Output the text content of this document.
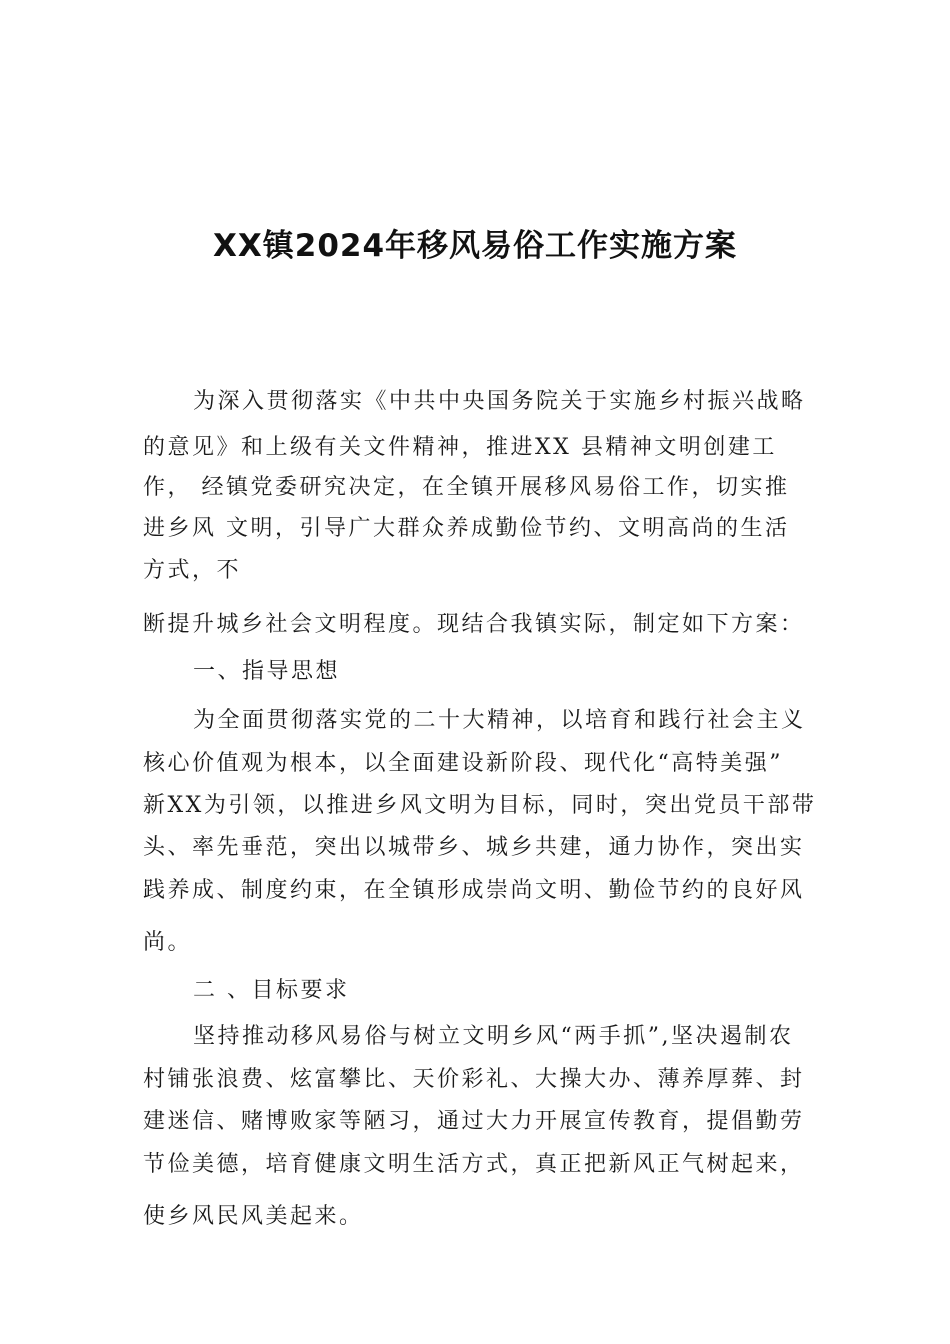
XX镇2024年移风易俗工作实施方案
为深入贯彻落实《中共中央国务院关于实施乡村振兴战略
的意见》和上级有关文件精神，推进XX 县精神文明创建工
作， 经镇党委研究决定，在全镇开展移风易俗工作，切实推
进乡风 文明，引导广大群众养成勤俭节约、文明高尚的生活
方式，不
断提升城乡社会文明程度。现结合我镇实际，制定如下方案：
一、指导思想
为全面贯彻落实党的二十大精神，以培育和践行社会主义
核心价值观为根本，以全面建设新阶段、现代化“高特美强”
新XX为引领，以推进乡风文明为目标，同时，突出党员干部带
头、率先垂范，突出以城带乡、城乡共建，通力协作，突出实
践养成、制度约束，在全镇形成崇尚文明、勤俭节约的良好风
尚。
二 、目标要求
坚持推动移风易俗与树立文明乡风“两手抓”,坚决遏制农
村铺张浪费、炫富攀比、天价彩礼、大操大办、薄养厚葬、封
建迷信、赌博败家等陋习，通过大力开展宣传教育，提倡勤劳
节俭美德，培育健康文明生活方式，真正把新风正气树起来，
使乡风民风美起来。
